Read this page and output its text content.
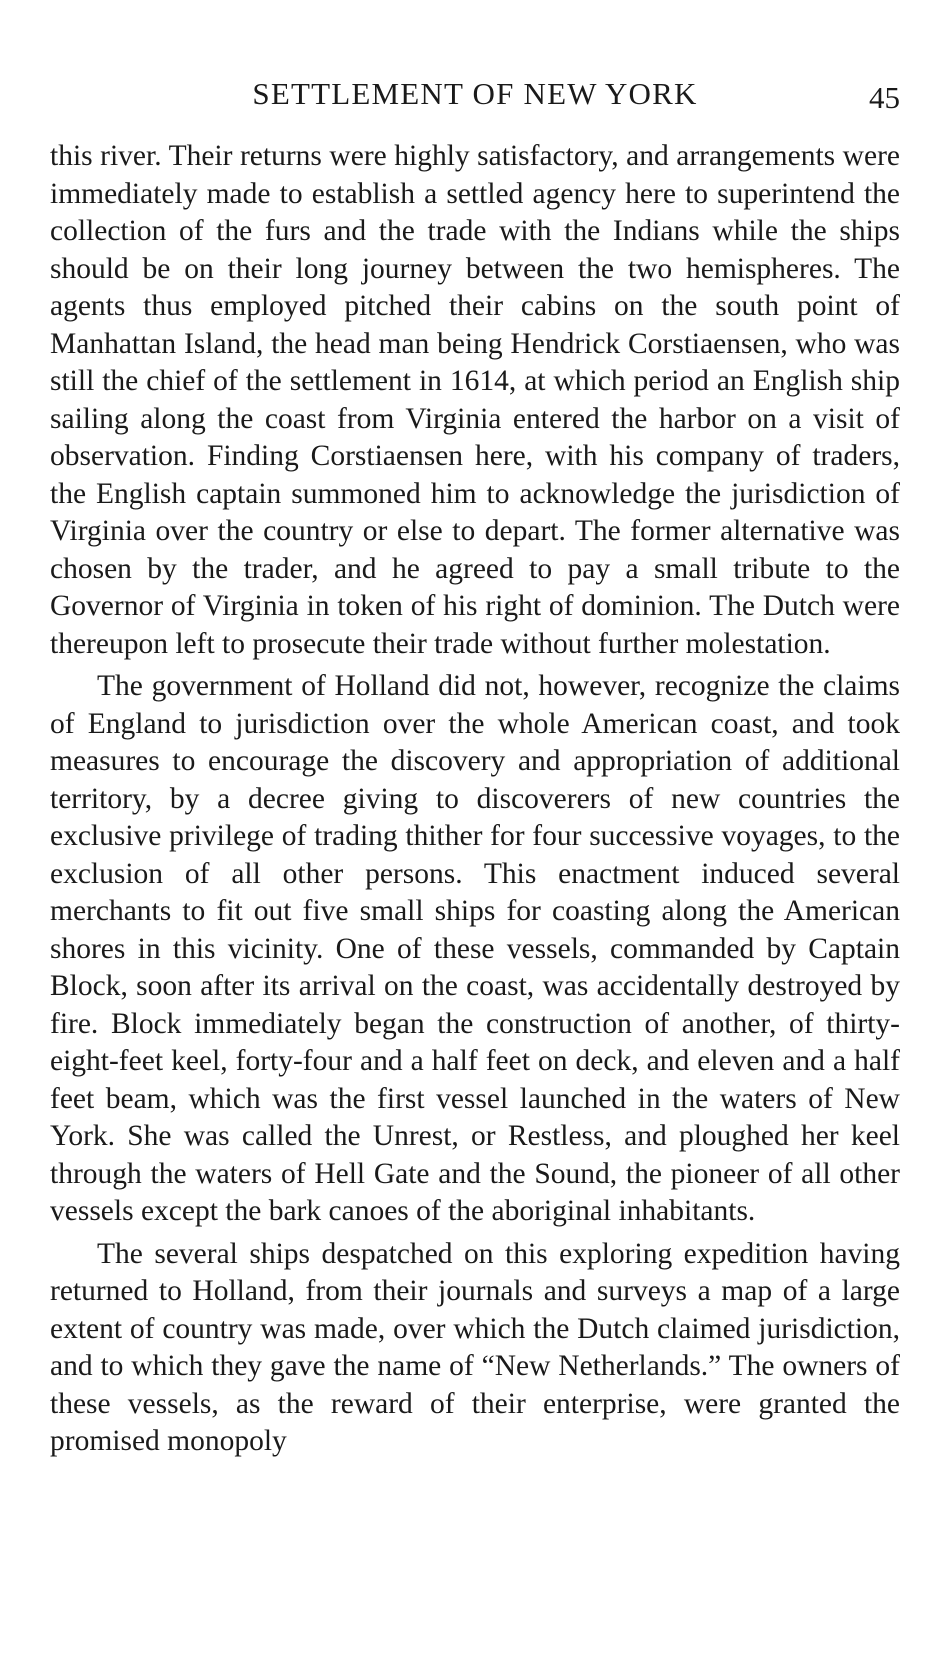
SETTLEMENT OF NEW YORK	45

this river. Their returns were highly satisfactory, and arrangements were immediately made to establish a settled agency here to superintend the collection of the furs and the trade with the Indians while the ships should be on their long journey between the two hemispheres. The agents thus employed pitched their cabins on the south point of Manhattan Island, the head man being Hendrick Corstiaensen, who was still the chief of the settlement in 1614, at which period an English ship sailing along the coast from Virginia entered the harbor on a visit of observation. Finding Corstiaensen here, with his company of traders, the English captain summoned him to acknowledge the jurisdiction of Virginia over the country or else to depart. The former alternative was chosen by the trader, and he agreed to pay a small tribute to the Governor of Virginia in token of his right of dominion. The Dutch were thereupon left to prosecute their trade without further molestation.

The government of Holland did not, however, recognize the claims of England to jurisdiction over the whole American coast, and took measures to encourage the discovery and appropriation of additional territory, by a decree giving to discoverers of new countries the exclusive privilege of trading thither for four successive voyages, to the exclusion of all other persons. This enactment induced several merchants to fit out five small ships for coasting along the American shores in this vicinity. One of these vessels, commanded by Captain Block, soon after its arrival on the coast, was accidentally destroyed by fire. Block immediately began the construction of another, of thirty-eight-feet keel, forty-four and a half feet on deck, and eleven and a half feet beam, which was the first vessel launched in the waters of New York. She was called the Unrest, or Restless, and ploughed her keel through the waters of Hell Gate and the Sound, the pioneer of all other vessels except the bark canoes of the aboriginal inhabitants.

The several ships despatched on this exploring expedition having returned to Holland, from their journals and surveys a map of a large extent of country was made, over which the Dutch claimed jurisdiction, and to which they gave the name of “New Netherlands.” The owners of these vessels, as the reward of their enterprise, were granted the promised monopoly
